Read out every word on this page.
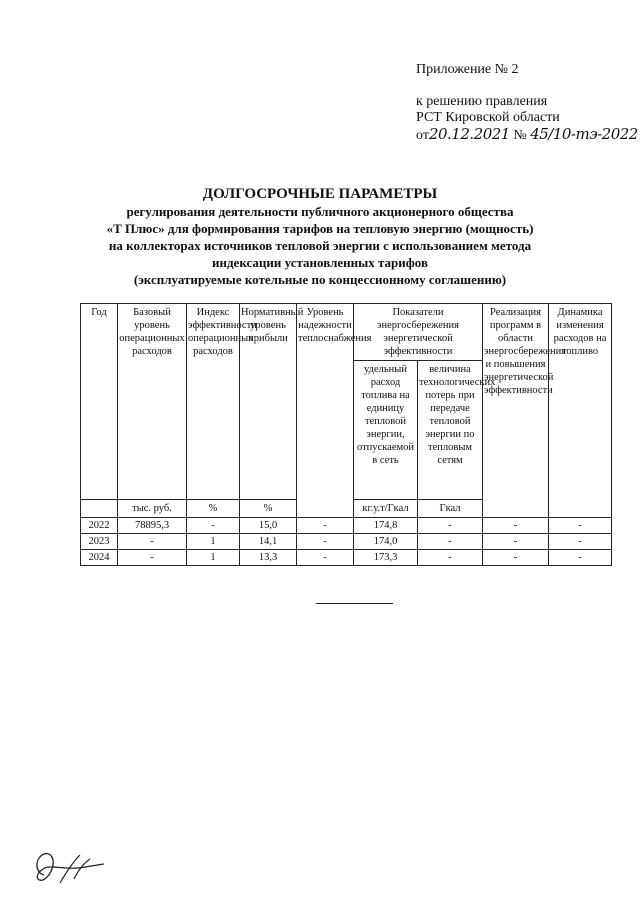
Приложение № 2
к решению правления
РСТ Кировской области
от20.12.2021 № 45/10-тэ-2022
ДОЛГОСРОЧНЫЕ ПАРАМЕТРЫ
регулирования деятельности публичного акционерного общества
«Т Плюс» для формирования тарифов на тепловую энергию (мощность)
на коллекторах источников тепловой энергии с использованием метода
индексации установленных тарифов
(эксплуатируемые котельные по концессионному соглашению)
Год	Базовый уровень операционных расходов	Индекс эффективности операционных расходов	Нормативный уровень прибыли	Уровень надежности теплоснабжения	Показатели энергосбережения энергетической эффективности		Реализация программ в области энергосбережения и повышения энергетической эффективности	Динамика изменения расходов на топливо
					удельный расход топлива на единицу тепловой энергии, отпускаемой в сеть	величина технологических потерь при передаче тепловой энергии по тепловым сетям		
	тыс. руб.	%	%		кг.у.т/Гкал	Гкал		
2022	78895,3	-	15,0	-	174,8	-	-	-
2023	-	1	14,1	-	174,0	-	-	-
2024	-	1	13,3	-	173,3	-	-	-
